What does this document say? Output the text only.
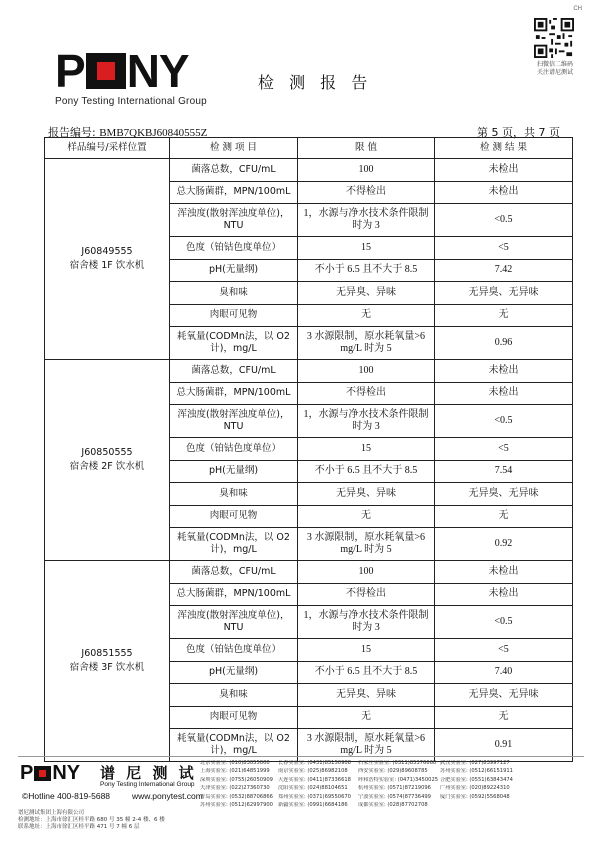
CH
P NY
Pony Testing International Group
检 测 报 告
扫微信二维码
关注谱尼测试
报告编号: BMB7QKBJ60840555Z	第 5 页，共 7 页
样品编号/采样位置	检 测 项 目	限 值	检 测 结 果

J60849555
宿舍楼 1F 饮水机	菌落总数，CFU/mL	100	未检出
	总大肠菌群，MPN/100mL	不得检出	未检出
	浑浊度(散射浑浊度单位)，NTU	1，水源与净水技术条件限制时为 3	<0.5
	色度（铂钴色度单位）	15	<5
	pH(无量纲)	不小于 6.5 且不大于 8.5	7.42
	臭和味	无异臭、异味	无异臭、无异味
	肉眼可见物	无	无
	耗氧量(CODMn法，以 O2计)，mg/L	3 水源限制，原水耗氧量>6 mg/L 时为 5	0.96

J60850555
宿舍楼 2F 饮水机	菌落总数，CFU/mL	100	未检出
	总大肠菌群，MPN/100mL	不得检出	未检出
	浑浊度(散射浑浊度单位)，NTU	1，水源与净水技术条件限制时为 3	<0.5
	色度（铂钴色度单位）	15	<5
	pH(无量纲)	不小于 6.5 且不大于 8.5	7.54
	臭和味	无异臭、异味	无异臭、无异味
	肉眼可见物	无	无
	耗氧量(CODMn法，以 O2计)，mg/L	3 水源限制，原水耗氧量>6 mg/L 时为 5	0.92

J60851555
宿舍楼 3F 饮水机	菌落总数，CFU/mL	100	未检出
	总大肠菌群，MPN/100mL	不得检出	未检出
	浑浊度(散射浑浊度单位)，NTU	1，水源与净水技术条件限制时为 3	<0.5
	色度（铂钴色度单位）	15	<5
	pH(无量纲)	不小于 6.5 且不大于 8.5	7.40
	臭和味	无异臭、异味	无异臭、无异味
	肉眼可见物	无	无
	耗氧量(CODMn法，以 O2计)，mg/L	3 水源限制，原水耗氧量>6 mg/L 时为 5	0.91
P NY 谱 尼 测 试
Pony Testing International Group
©Hotline 400-819-5688	www.ponytest.com
北京实验室: (010)83055000	长春实验室: (0431)85150908	石家庄实验室: (0311)85376660 武汉实验室: (027)83997127
上海实验室: (021)64851999	南京实验室: (025)86982108	西安实验室: (029)89608785	苏州实验室: (0512)66151911
深圳实验室: (0755)26050909 大连实验室: (0411)87336618	呼和浩特实验室: (0471)3450025 合肥实验室: (0551)63843474
天津实验室: (022)27360730	沈阳实验室: (024)88104651	杭州实验室: (0571)87219096	广州实验室: (020)89224310
青岛实验室: (0532)88706866 郑州实验室: (0371)69550670	宁波实验室: (0574)87736499	厦门实验室: (0592)5568048
苏州实验室: (0512)62997900 新疆实验室: (0991)6684186	成都实验室: (028)87702708
谱尼测试集团上海有限公司
检测地址：上海市徐汇区桂平路 680 号 35 幢 2-4 楼、6 楼
联系地址：上海市徐汇区桂平路 471 号 7 幢 6 层
